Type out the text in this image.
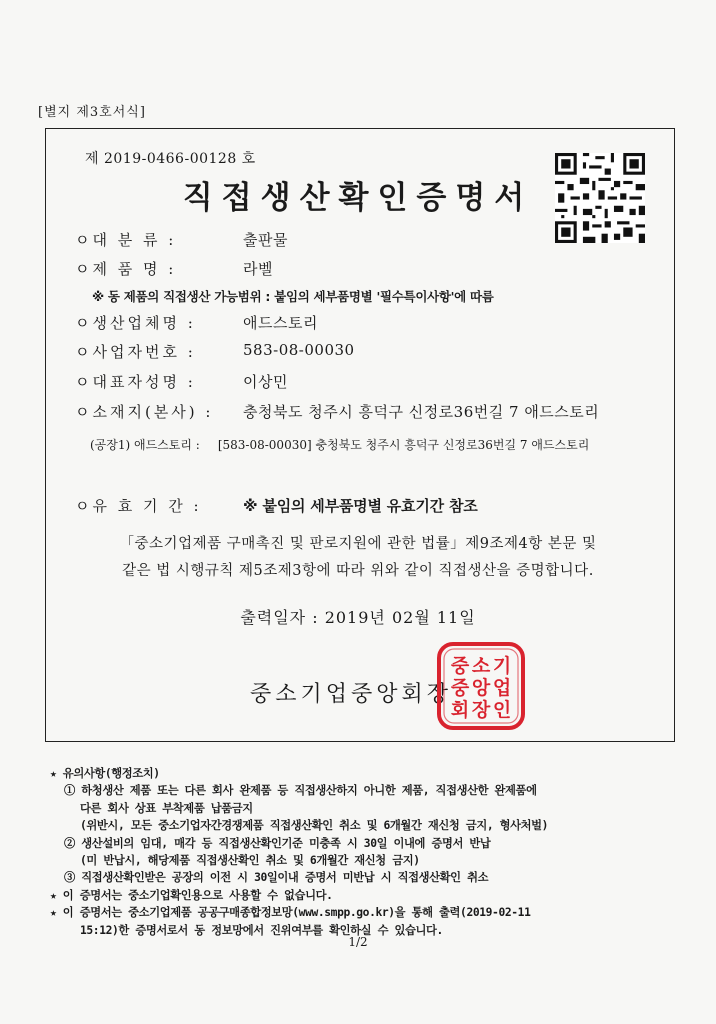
[별지 제3호서식]
제 2019-0466-00128 호
직접생산확인증명서
ㅇ대 분 류 :	출판물
ㅇ제 품 명 :	라벨
※ 동 제품의 직접생산 가능범위 : 붙임의 세부품명별 '필수특이사항'에 따름
ㅇ생산업체명 :	애드스토리
ㅇ사업자번호 :	583-08-00030
ㅇ대표자성명 :	이상민
ㅇ소재지(본사) :	충청북도 청주시 흥덕구 신정로36번길 7 애드스토리
(공장1) 애드스토리 : [583-08-00030] 충청북도 청주시 흥덕구 신정로36번길 7 애드스토리
ㅇ유 효 기 간 :	※ 붙임의 세부품명별 유효기간 참조
「중소기업제품 구매촉진 및 판로지원에 관한 법률」제9조제4항 본문 및
같은 법 시행규칙 제5조제3항에 따라 위와 같이 직접생산을 증명합니다.
출력일자 : 2019년 02월 11일
중소기업중앙회장
기
업
인
소
앙
장
중
중
회
★ 유의사항(행정조치)
① 하청생산 제품 또는 다른 회사 완제품 등 직접생산하지 아니한 제품, 직접생산한 완제품에
다른 회사 상표 부착제품 납품금지
(위반시, 모든 중소기업자간경쟁제품 직접생산확인 취소 및 6개월간 재신청 금지, 형사처벌)
② 생산설비의 임대, 매각 등 직접생산확인기준 미충족 시 30일 이내에 증명서 반납
(미 반납시, 해당제품 직접생산확인 취소 및 6개월간 재신청 금지)
③ 직접생산확인받은 공장의 이전 시 30일이내 증명서 미반납 시 직접생산확인 취소
★ 이 증명서는 중소기업확인용으로 사용할 수 없습니다.
★ 이 증명서는 중소기업제품 공공구매종합정보망(www.smpp.go.kr)을 통해 출력(2019-02-11
15:12)한 증명서로서 동 정보망에서 진위여부를 확인하실 수 있습니다.
1/2
